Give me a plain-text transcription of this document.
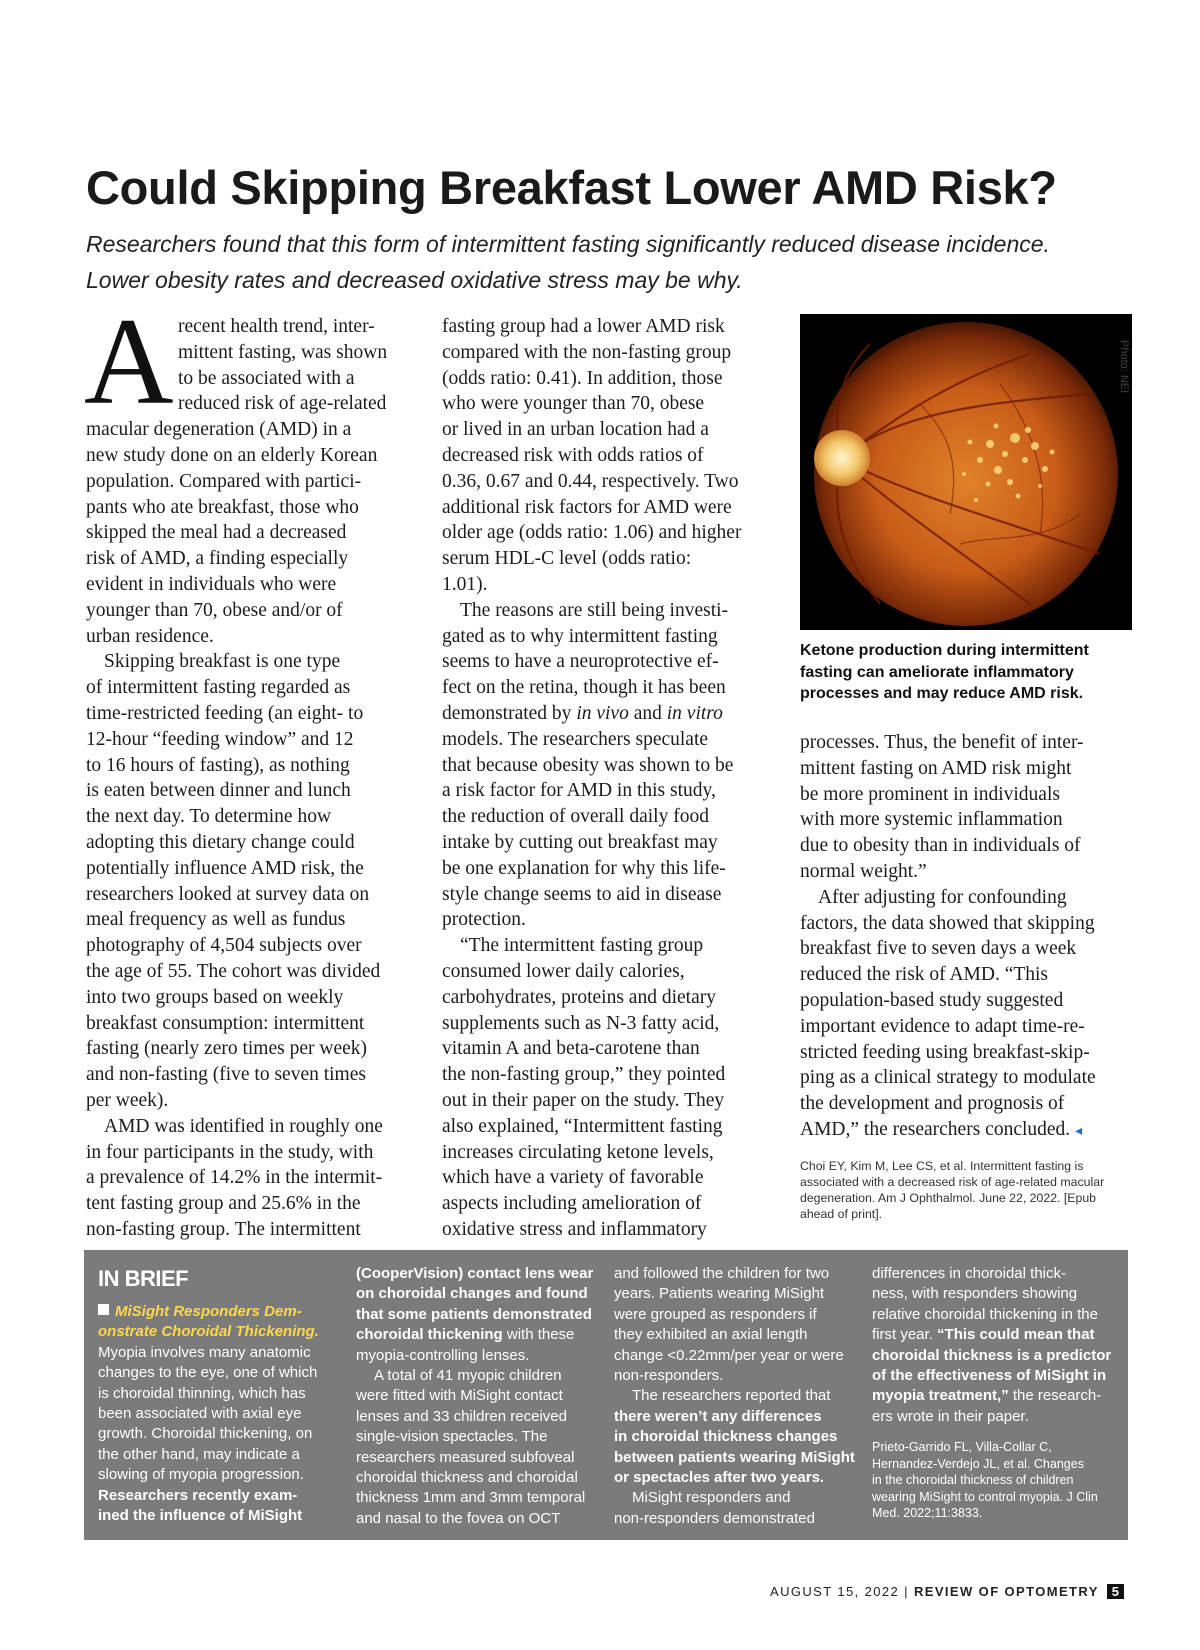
Could Skipping Breakfast Lower AMD Risk?
Researchers found that this form of intermittent fasting significantly reduced disease incidence.
Lower obesity rates and decreased oxidative stress may be why.
A recent health trend, inter-
mittent fasting, was shown
to be associated with a
reduced risk of age-related
macular degeneration (AMD) in a
new study done on an elderly Korean
population. Compared with partici-
pants who ate breakfast, those who
skipped the meal had a decreased
risk of AMD, a finding especially
evident in individuals who were
younger than 70, obese and/or of
urban residence.
Skipping breakfast is one type
of intermittent fasting regarded as
time-restricted feeding (an eight- to
12-hour “feeding window” and 12
to 16 hours of fasting), as nothing
is eaten between dinner and lunch
the next day. To determine how
adopting this dietary change could
potentially influence AMD risk, the
researchers looked at survey data on
meal frequency as well as fundus
photography of 4,504 subjects over
the age of 55. The cohort was divided
into two groups based on weekly
breakfast consumption: intermittent
fasting (nearly zero times per week)
and non-fasting (five to seven times
per week).
AMD was identified in roughly one
in four participants in the study, with
a prevalence of 14.2% in the intermit-
tent fasting group and 25.6% in the
non-fasting group. The intermittent
fasting group had a lower AMD risk
compared with the non-fasting group
(odds ratio: 0.41). In addition, those
who were younger than 70, obese
or lived in an urban location had a
decreased risk with odds ratios of
0.36, 0.67 and 0.44, respectively. Two
additional risk factors for AMD were
older age (odds ratio: 1.06) and higher
serum HDL-C level (odds ratio:
1.01).
The reasons are still being investi-
gated as to why intermittent fasting
seems to have a neuroprotective ef-
fect on the retina, though it has been
demonstrated by in vivo and in vitro
models. The researchers speculate
that because obesity was shown to be
a risk factor for AMD in this study,
the reduction of overall daily food
intake by cutting out breakfast may
be one explanation for why this life-
style change seems to aid in disease
protection.
“The intermittent fasting group
consumed lower daily calories,
carbohydrates, proteins and dietary
supplements such as N-3 fatty acid,
vitamin A and beta-carotene than
the non-fasting group,” they pointed
out in their paper on the study. They
also explained, “Intermittent fasting
increases circulating ketone levels,
which have a variety of favorable
aspects including amelioration of
oxidative stress and inflammatory
Photo: NEI
Ketone production during intermittent
fasting can ameliorate inflammatory
processes and may reduce AMD risk.
processes. Thus, the benefit of inter-
mittent fasting on AMD risk might
be more prominent in individuals
with more systemic inflammation
due to obesity than in individuals of
normal weight.”
After adjusting for confounding
factors, the data showed that skipping
breakfast five to seven days a week
reduced the risk of AMD. “This
population-based study suggested
important evidence to adapt time-re-
stricted feeding using breakfast-skip-
ping as a clinical strategy to modulate
the development and prognosis of
AMD,” the researchers concluded. ◂
Choi EY, Kim M, Lee CS, et al. Intermittent fasting is
associated with a decreased risk of age-related macular
degeneration. Am J Ophthalmol. June 22, 2022. [Epub
ahead of print].
IN BRIEF
MiSight Responders Dem-
onstrate Choroidal Thickening.
Myopia involves many anatomic
changes to the eye, one of which
is choroidal thinning, which has
been associated with axial eye
growth. Choroidal thickening, on
the other hand, may indicate a
slowing of myopia progression.
Researchers recently exam-
ined the influence of MiSight
(CooperVision) contact lens wear
on choroidal changes and found
that some patients demonstrated
choroidal thickening with these
myopia-controlling lenses.
A total of 41 myopic children
were fitted with MiSight contact
lenses and 33 children received
single-vision spectacles. The
researchers measured subfoveal
choroidal thickness and choroidal
thickness 1mm and 3mm temporal
and nasal to the fovea on OCT
and followed the children for two
years. Patients wearing MiSight
were grouped as responders if
they exhibited an axial length
change <0.22mm/per year or were
non-responders.
The researchers reported that
there weren’t any differences
in choroidal thickness changes
between patients wearing MiSight
or spectacles after two years.
MiSight responders and
non-responders demonstrated
differences in choroidal thick-
ness, with responders showing
relative choroidal thickening in the
first year. “This could mean that
choroidal thickness is a predictor
of the effectiveness of MiSight in
myopia treatment,” the research-
ers wrote in their paper.
Prieto-Garrido FL, Villa-Collar C,
Hernandez-Verdejo JL, et al. Changes
in the choroidal thickness of children
wearing MiSight to control myopia. J Clin
Med. 2022;11:3833.
AUGUST 15, 2022 | REVIEW OF OPTOMETRY 5
